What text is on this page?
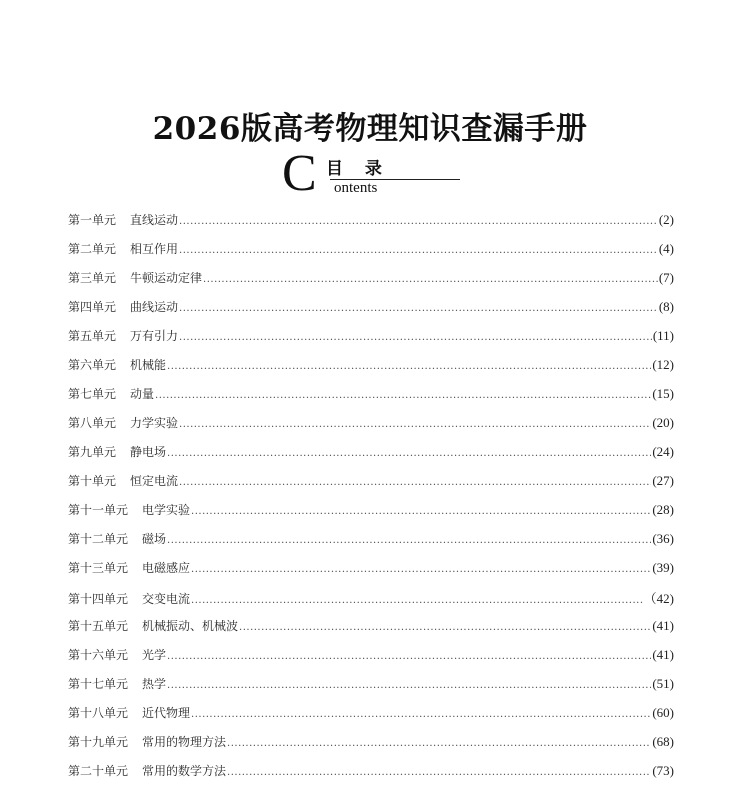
2026版高考物理知识查漏手册
C 目 录
ontents
第一单元 直线运动 .....	(2)
第二单元 相互作用 .....	(4)
第三单元 牛顿运动定律 .....	(7)
第四单元 曲线运动 .....	(8)
第五单元 万有引力 .....	(11)
第六单元 机械能 .....	(12)
第七单元 动量 .....	(15)
第八单元 力学实验 .....	(20)
第九单元 静电场 .....	(24)
第十单元 恒定电流 .....	(27)
第十一单元 电学实验 .....	(28)
第十二单元 磁场 .....	(36)
第十三单元 电磁感应 .....	(39)
第十四单元 交变电流 .....	（42)
第十五单元 机械振动、机械波 .....	(41)
第十六单元 光学 .....	(41)
第十七单元 热学 .....	(51)
第十八单元 近代物理 .....	(60)
第十九单元 常用的物理方法 .....	(68)
第二十单元 常用的数学方法 .....	(73)
